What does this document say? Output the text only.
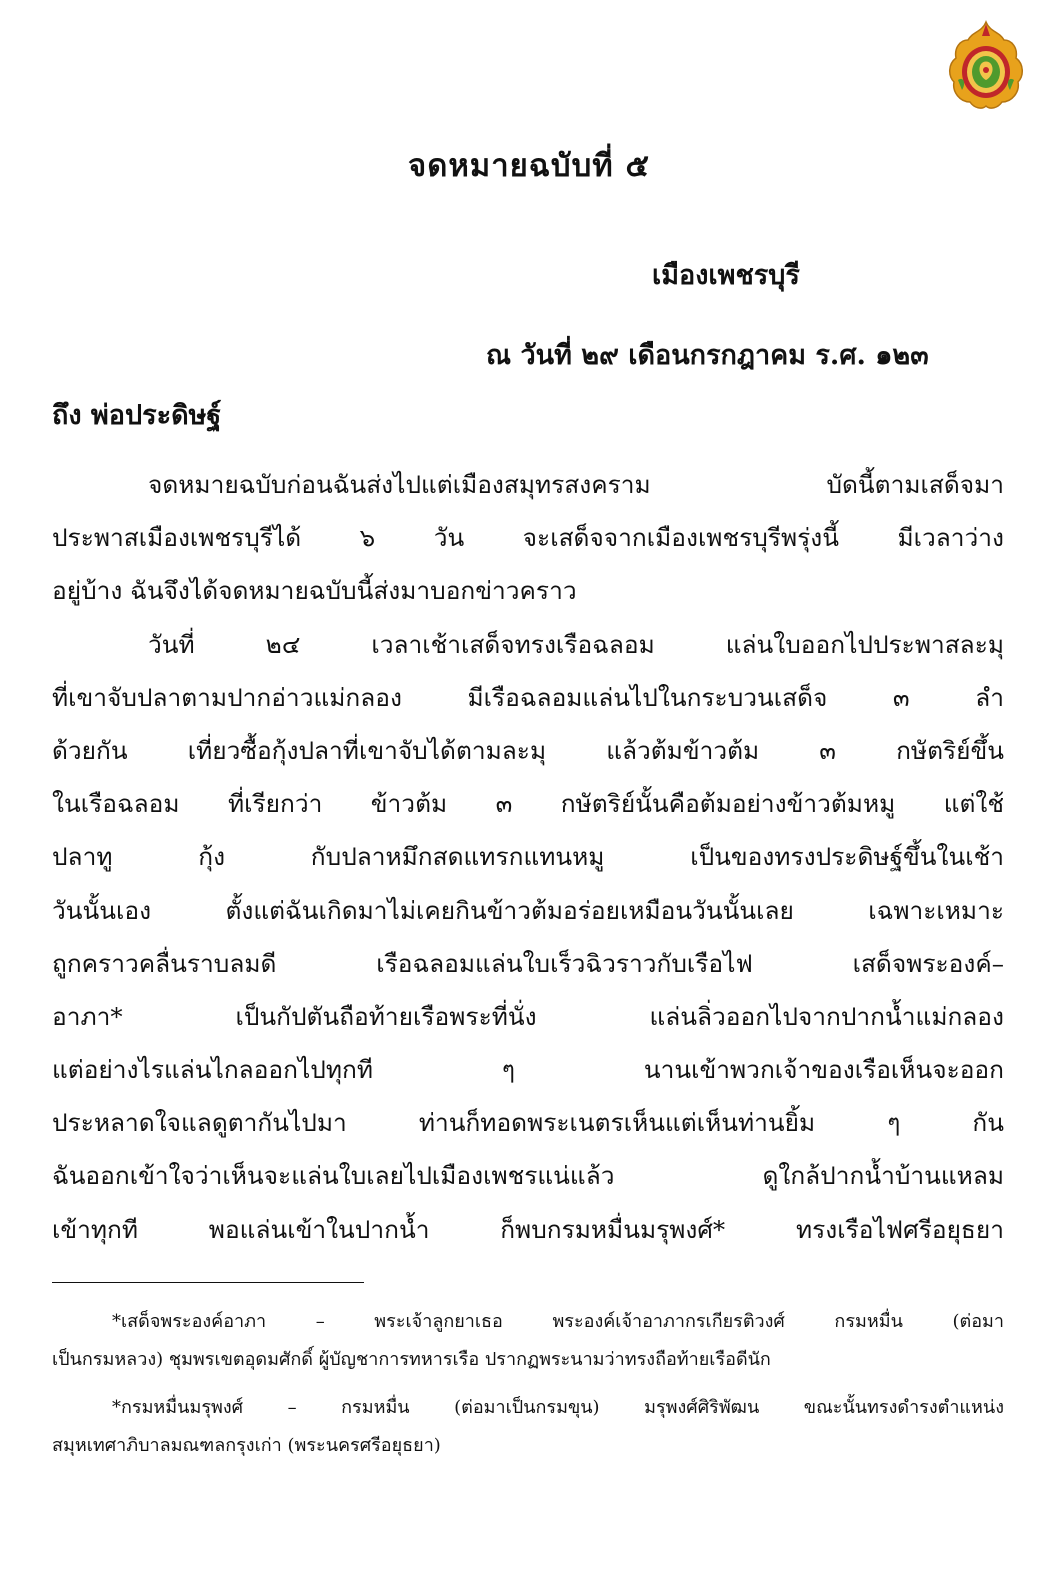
จดหมายฉบับที่ ๕
เมืองเพชรบุรี
ณ วันที่ ๒๙ เดือนกรกฎาคม ร.ศ. ๑๒๓
ถึง พ่อประดิษฐ์
จดหมายฉบับก่อนฉันส่งไปแต่เมืองสมุทรสงคราม บัดนี้ตามเสด็จมา
ประพาสเมืองเพชรบุรีได้ ๖ วัน จะเสด็จจากเมืองเพชรบุรีพรุ่งนี้ มีเวลาว่าง
อยู่บ้าง ฉันจึงได้จดหมายฉบับนี้ส่งมาบอกข่าวคราว
วันที่ ๒๔ เวลาเช้าเสด็จทรงเรือฉลอม แล่นใบออกไปประพาสละมุ
ที่เขาจับปลาตามปากอ่าวแม่กลอง มีเรือฉลอมแล่นไปในกระบวนเสด็จ ๓ ลำ
ด้วยกัน เที่ยวซื้อกุ้งปลาที่เขาจับได้ตามละมุ แล้วต้มข้าวต้ม ๓ กษัตริย์ขึ้น
ในเรือฉลอม ที่เรียกว่า ข้าวต้ม ๓ กษัตริย์นั้นคือต้มอย่างข้าวต้มหมู แต่ใช้
ปลาทู กุ้ง กับปลาหมึกสดแทรกแทนหมู เป็นของทรงประดิษฐ์ขึ้นในเช้า
วันนั้นเอง ตั้งแต่ฉันเกิดมาไม่เคยกินข้าวต้มอร่อยเหมือนวันนั้นเลย เฉพาะเหมาะ
ถูกคราวคลื่นราบลมดี เรือฉลอมแล่นใบเร็วฉิวราวกับเรือไฟ เสด็จพระองค์–
อาภา* เป็นกัปตันถือท้ายเรือพระที่นั่ง แล่นลิ่วออกไปจากปากน้ำแม่กลอง
แต่อย่างไรแล่นไกลออกไปทุกที ๆ นานเข้าพวกเจ้าของเรือเห็นจะออก
ประหลาดใจแลดูตากันไปมา ท่านก็ทอดพระเนตรเห็นแต่เห็นท่านยิ้ม ๆ กัน
ฉันออกเข้าใจว่าเห็นจะแล่นใบเลยไปเมืองเพชรแน่แล้ว ดูใกล้ปากน้ำบ้านแหลม
เข้าทุกที พอแล่นเข้าในปากน้ำ ก็พบกรมหมื่นมรุพงศ์* ทรงเรือไฟศรีอยุธยา
*เสด็จพระองค์อาภา – พระเจ้าลูกยาเธอ พระองค์เจ้าอาภากรเกียรติวงศ์ กรมหมื่น (ต่อมา
เป็นกรมหลวง) ชุมพรเขตอุดมศักดิ์ ผู้บัญชาการทหารเรือ ปรากฏพระนามว่าทรงถือท้ายเรือดีนัก
*กรมหมื่นมรุพงศ์ – กรมหมื่น (ต่อมาเป็นกรมขุน) มรุพงศ์ศิริพัฒน ขณะนั้นทรงดำรงตำแหน่ง
สมุหเทศาภิบาลมณฑลกรุงเก่า (พระนครศรีอยุธยา)
